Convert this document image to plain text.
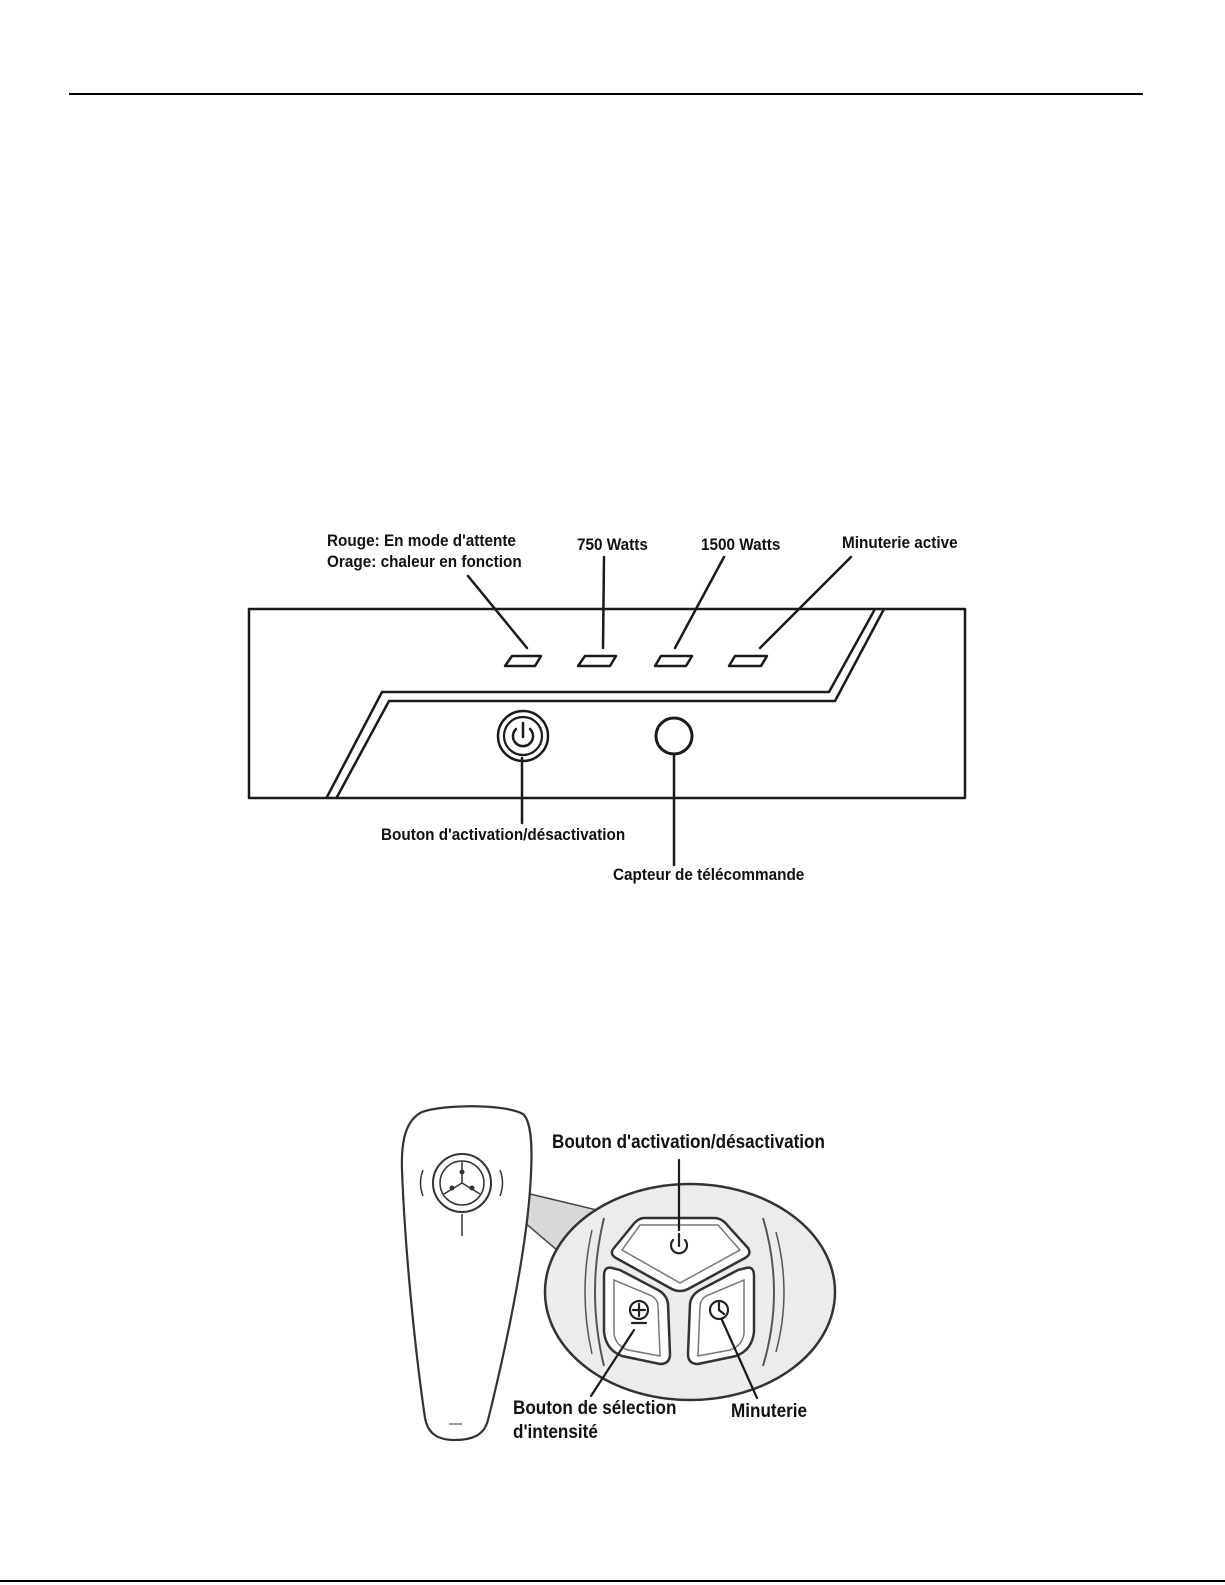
Rouge: En mode d'attente
Orage: chaleur en fonction
750 Watts	1500 Watts	Minuterie active
Bouton d'activation/désactivation
Capteur de télécommande
Bouton d'activation/désactivation
Bouton de sélection
d'intensité
Minuterie
